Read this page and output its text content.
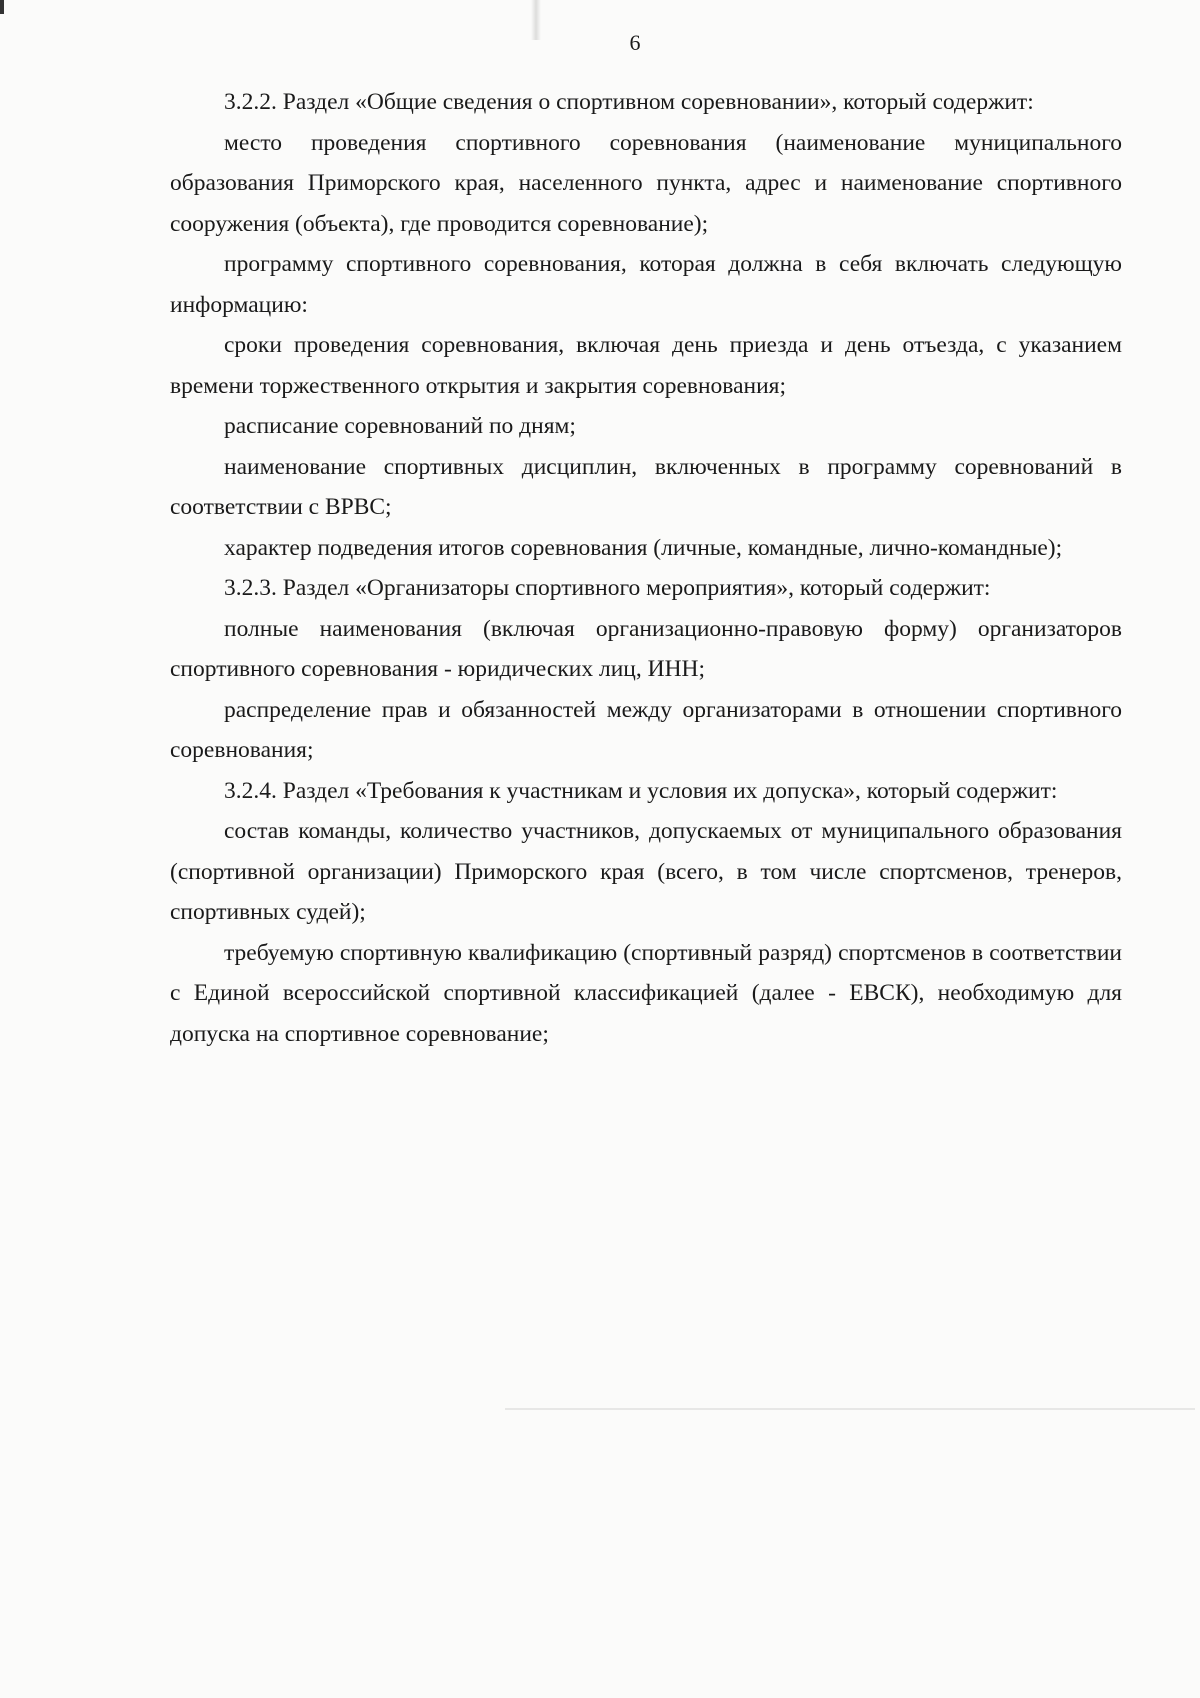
6

3.2.2. Раздел «Общие сведения о спортивном соревновании», который содержит:

место проведения спортивного соревнования (наименование муниципального образования Приморского края, населенного пункта, адрес и наименование спортивного сооружения (объекта), где проводится соревнование);

программу спортивного соревнования, которая должна в себя включать следующую информацию:

сроки проведения соревнования, включая день приезда и день отъезда, с указанием времени торжественного открытия и закрытия соревнования;

расписание соревнований по дням;

наименование спортивных дисциплин, включенных в программу соревнований в соответствии с ВРВС;

характер подведения итогов соревнования (личные, командные, лично-командные);

3.2.3. Раздел «Организаторы спортивного мероприятия», который содержит:

полные наименования (включая организационно-правовую форму) организаторов спортивного соревнования - юридических лиц, ИНН;

распределение прав и обязанностей между организаторами в отношении спортивного соревнования;

3.2.4. Раздел «Требования к участникам и условия их допуска», который содержит:

состав команды, количество участников, допускаемых от муниципального образования (спортивной организации) Приморского края (всего, в том числе спортсменов, тренеров, спортивных судей);

требуемую спортивную квалификацию (спортивный разряд) спортсменов в соответствии с Единой всероссийской спортивной классификацией (далее - ЕВСК), необходимую для допуска на спортивное соревнование;
